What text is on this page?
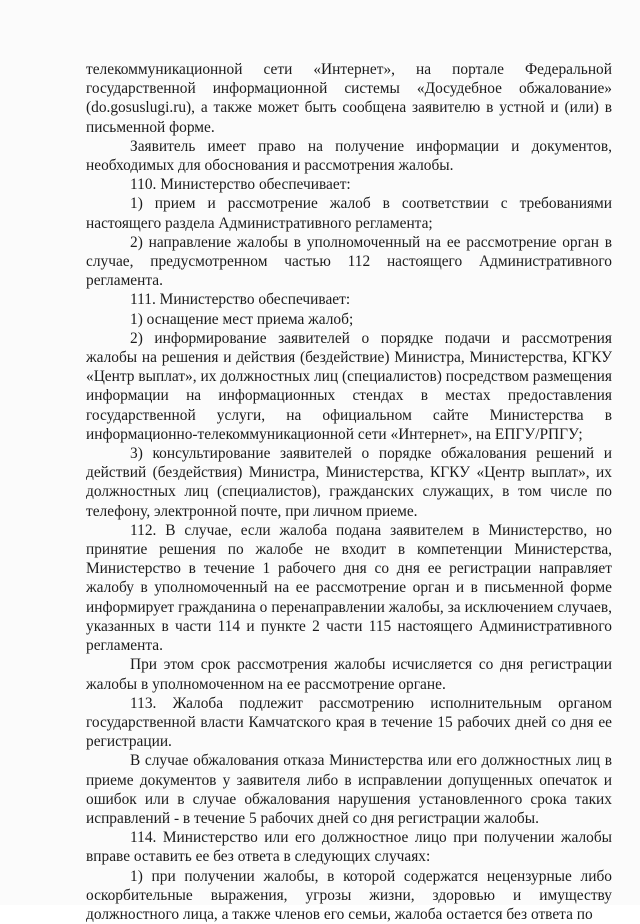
телекоммуникационной сети «Интернет», на портале Федеральной государственной информационной системы «Досудебное обжалование» (do.gosuslugi.ru), а также может быть сообщена заявителю в устной и (или) в письменной форме.

Заявитель имеет право на получение информации и документов, необходимых для обоснования и рассмотрения жалобы.

110. Министерство обеспечивает:

1) прием и рассмотрение жалоб в соответствии с требованиями настоящего раздела Административного регламента;

2) направление жалобы в уполномоченный на ее рассмотрение орган в случае, предусмотренном частью 112 настоящего Административного регламента.

111. Министерство обеспечивает:

1) оснащение мест приема жалоб;

2) информирование заявителей о порядке подачи и рассмотрения жалобы на решения и действия (бездействие) Министра, Министерства, КГКУ «Центр выплат», их должностных лиц (специалистов) посредством размещения информации на информационных стендах в местах предоставления государственной услуги, на официальном сайте Министерства в информационно-телекоммуникационной сети «Интернет», на ЕПГУ/РПГУ;

3) консультирование заявителей о порядке обжалования решений и действий (бездействия) Министра, Министерства, КГКУ «Центр выплат», их должностных лиц (специалистов), гражданских служащих, в том числе по телефону, электронной почте, при личном приеме.

112. В случае, если жалоба подана заявителем в Министерство, но принятие решения по жалобе не входит в компетенции Министерства, Министерство в течение 1 рабочего дня со дня ее регистрации направляет жалобу в уполномоченный на ее рассмотрение орган и в письменной форме информирует гражданина о перенаправлении жалобы, за исключением случаев, указанных в части 114 и пункте 2 части 115 настоящего Административного регламента.

При этом срок рассмотрения жалобы исчисляется со дня регистрации жалобы в уполномоченном на ее рассмотрение органе.

113. Жалоба подлежит рассмотрению исполнительным органом государственной власти Камчатского края в течение 15 рабочих дней со дня ее регистрации.

В случае обжалования отказа Министерства или его должностных лиц в приеме документов у заявителя либо в исправлении допущенных опечаток и ошибок или в случае обжалования нарушения установленного срока таких исправлений - в течение 5 рабочих дней со дня регистрации жалобы.

114. Министерство или его должностное лицо при получении жалобы вправе оставить ее без ответа в следующих случаях:

1) при получении жалобы, в которой содержатся нецензурные либо оскорбительные выражения, угрозы жизни, здоровью и имуществу должностного лица, а также членов его семьи, жалоба остается без ответа по
